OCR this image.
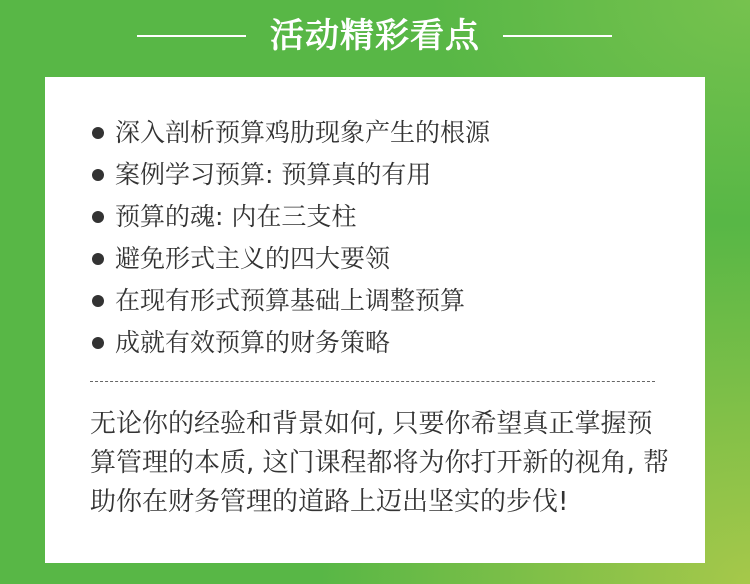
活动精彩看点
深入剖析预算鸡肋现象产生的根源
案例学习预算: 预算真的有用
预算的魂: 内在三支柱
避免形式主义的四大要领
在现有形式预算基础上调整预算
成就有效预算的财务策略
无论你的经验和背景如何, 只要你希望真正掌握预
算管理的本质, 这门课程都将为你打开新的视角, 帮
助你在财务管理的道路上迈出坚实的步伐!
